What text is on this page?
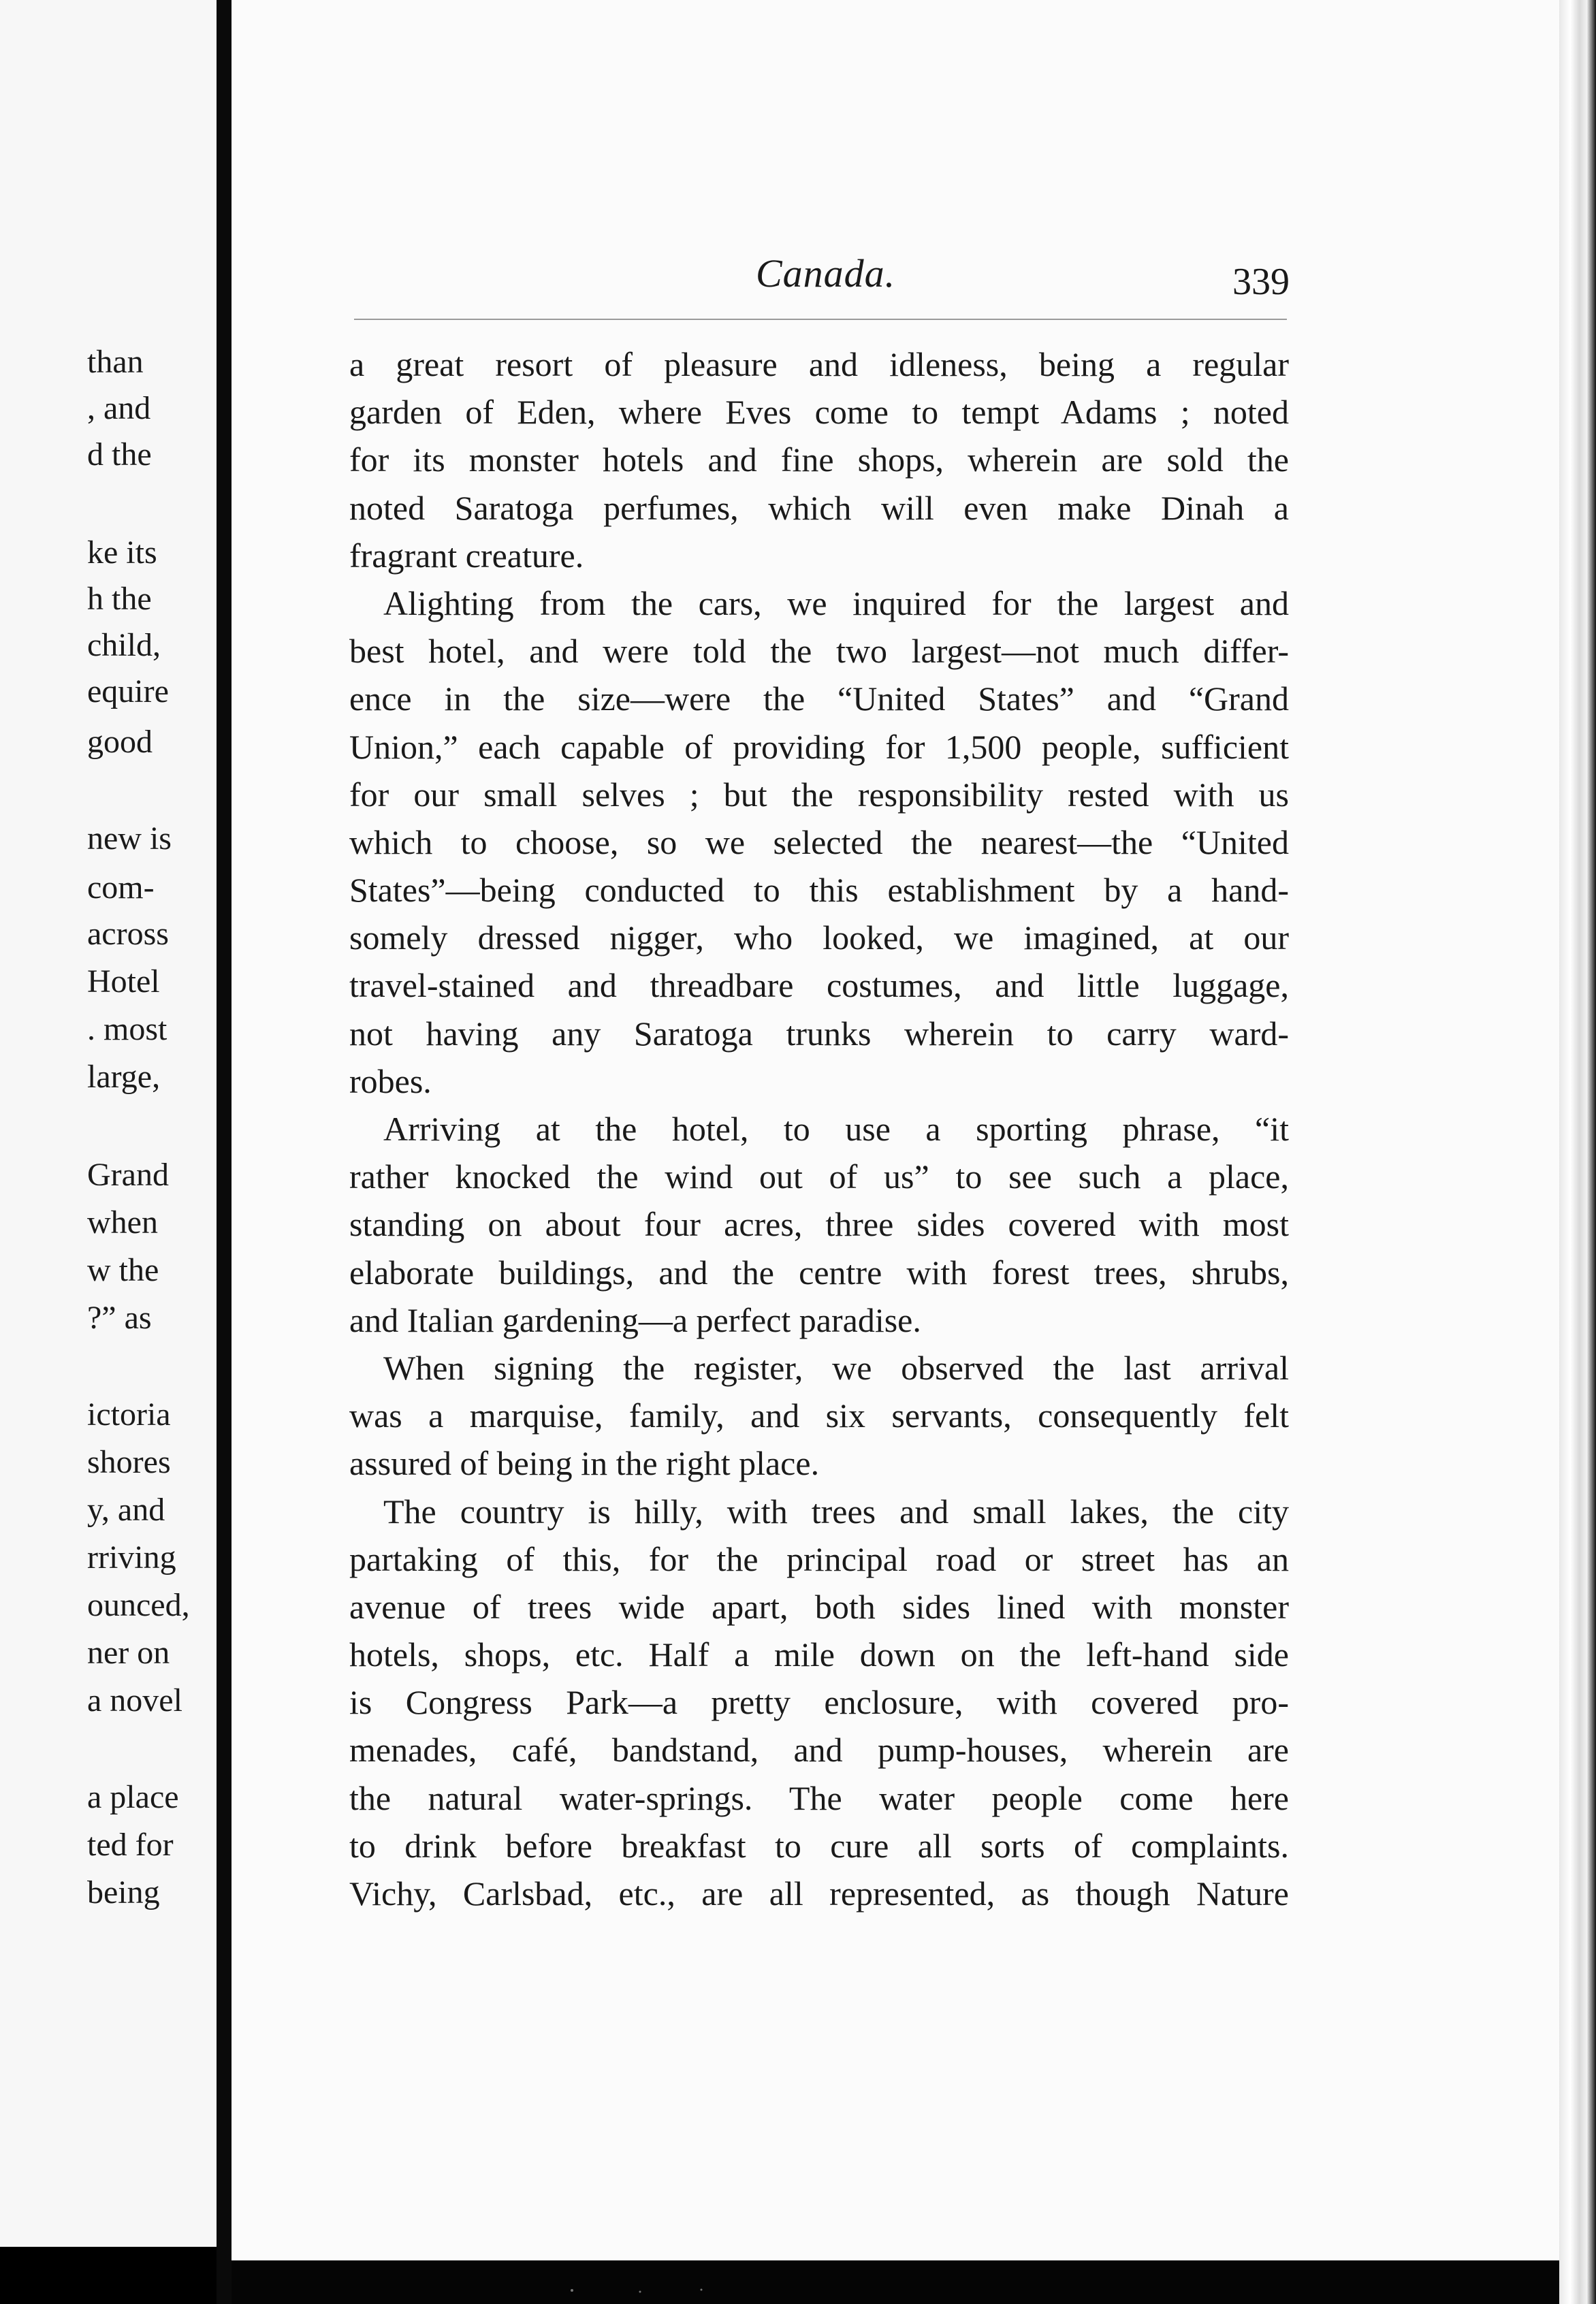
than
, and
d the
ke its
h the
child,
equire
good
new is
com-
across
Hotel
. most
large,
Grand
when
w the
?” as
ictoria
shores
y, and
rriving
ounced,
ner on
a novel
a place
ted for
being
Canada.	339
a great resort of pleasure and idleness, being a regular
garden of Eden, where Eves come to tempt Adams ; noted
for its monster hotels and fine shops, wherein are sold the
noted Saratoga perfumes, which will even make Dinah a
fragrant creature.
Alighting from the cars, we inquired for the largest and
best hotel, and were told the two largest—not much differ-
ence in the size—were the “United States” and “Grand
Union,” each capable of providing for 1,500 people, sufficient
for our small selves ; but the responsibility rested with us
which to choose, so we selected the nearest—the “United
States”—being conducted to this establishment by a hand-
somely dressed nigger, who looked, we imagined, at our
travel-stained and threadbare costumes, and little luggage,
not having any Saratoga trunks wherein to carry ward-
robes.
Arriving at the hotel, to use a sporting phrase, “it
rather knocked the wind out of us” to see such a place,
standing on about four acres, three sides covered with most
elaborate buildings, and the centre with forest trees, shrubs,
and Italian gardening—a perfect paradise.
When signing the register, we observed the last arrival
was a marquise, family, and six servants, consequently felt
assured of being in the right place.
The country is hilly, with trees and small lakes, the city
partaking of this, for the principal road or street has an
avenue of trees wide apart, both sides lined with monster
hotels, shops, etc. Half a mile down on the left-hand side
is Congress Park—a pretty enclosure, with covered pro-
menades, café, bandstand, and pump-houses, wherein are
the natural water-springs. The water people come here
to drink before breakfast to cure all sorts of complaints.
Vichy, Carlsbad, etc., are all represented, as though Nature
